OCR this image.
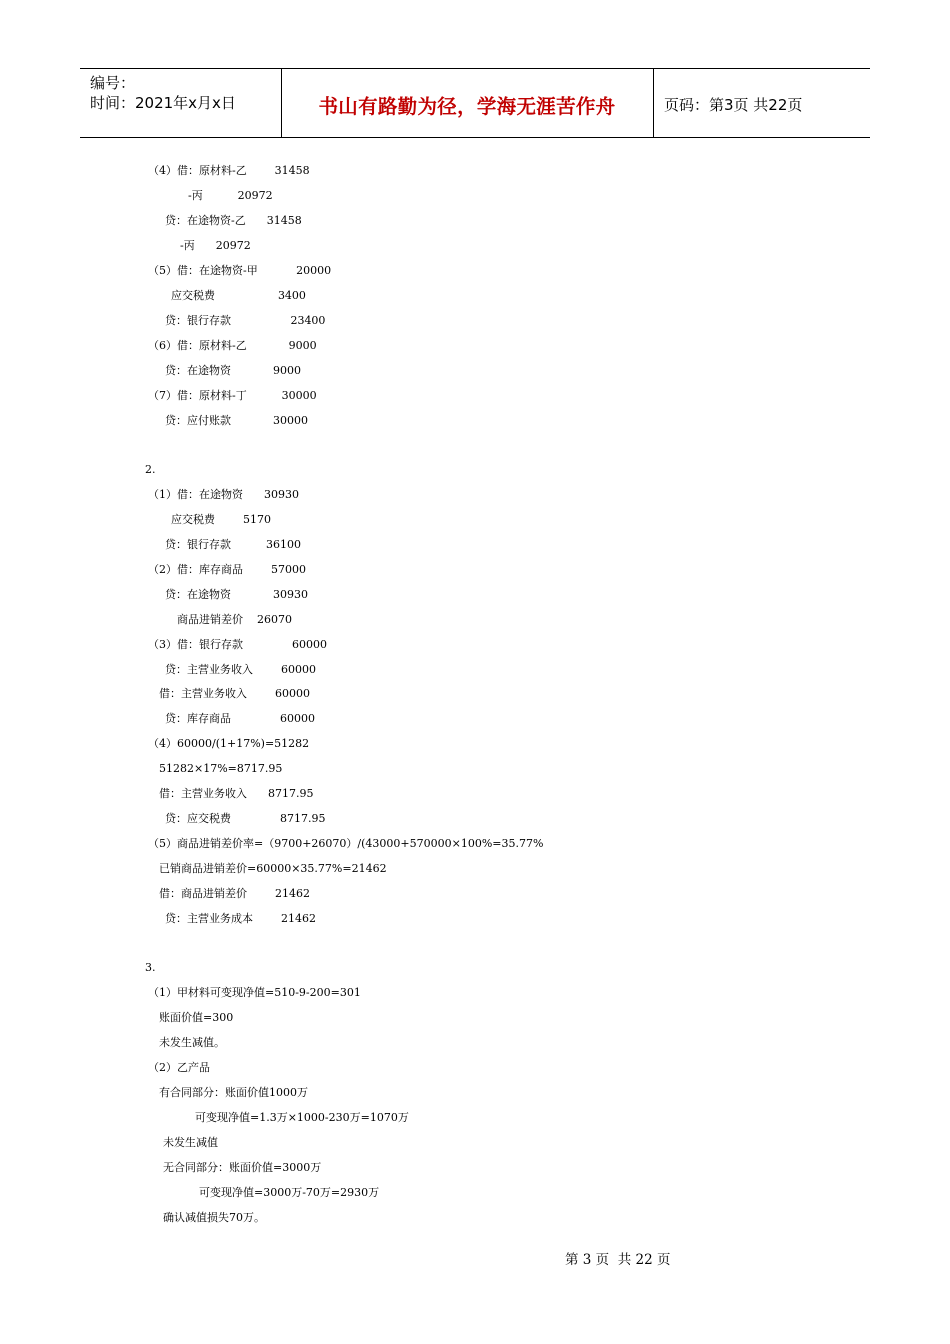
编号：
时间：2021年x月x日	书山有路勤为径，学海无涯苦作舟	页码：第3页 共22页
（4）借：原材料-乙        31458
-丙          20972
贷：在途物资-乙      31458
-丙      20972
（5）借：在途物资-甲           20000
应交税费                  3400
贷：银行存款                 23400
（6）借：原材料-乙            9000
贷：在途物资            9000
（7）借：原材料-丁          30000
贷：应付账款            30000
2.
（1）借：在途物资      30930
应交税费        5170
贷：银行存款          36100
（2）借：库存商品        57000
贷：在途物资            30930
商品进销差价    26070
（3）借：银行存款              60000
贷：主营业务收入        60000
借：主营业务收入        60000
贷：库存商品              60000
（4）60000/(1+17%)=51282
51282×17%=8717.95
借：主营业务收入      8717.95
贷：应交税费              8717.95
（5）商品进销差价率=（9700+26070）/(43000+570000×100%=35.77%
已销商品进销差价=60000×35.77%=21462
借：商品进销差价        21462
贷：主营业务成本        21462
3.
（1）甲材料可变现净值=510-9-200=301
账面价值=300
未发生减值。
（2）乙产品
有合同部分：账面价值1000万
可变现净值=1.3万×1000-230万=1070万
未发生减值
无合同部分：账面价值=3000万
可变现净值=3000万-70万=2930万
确认减值损失70万。
第 3 页  共 22 页
